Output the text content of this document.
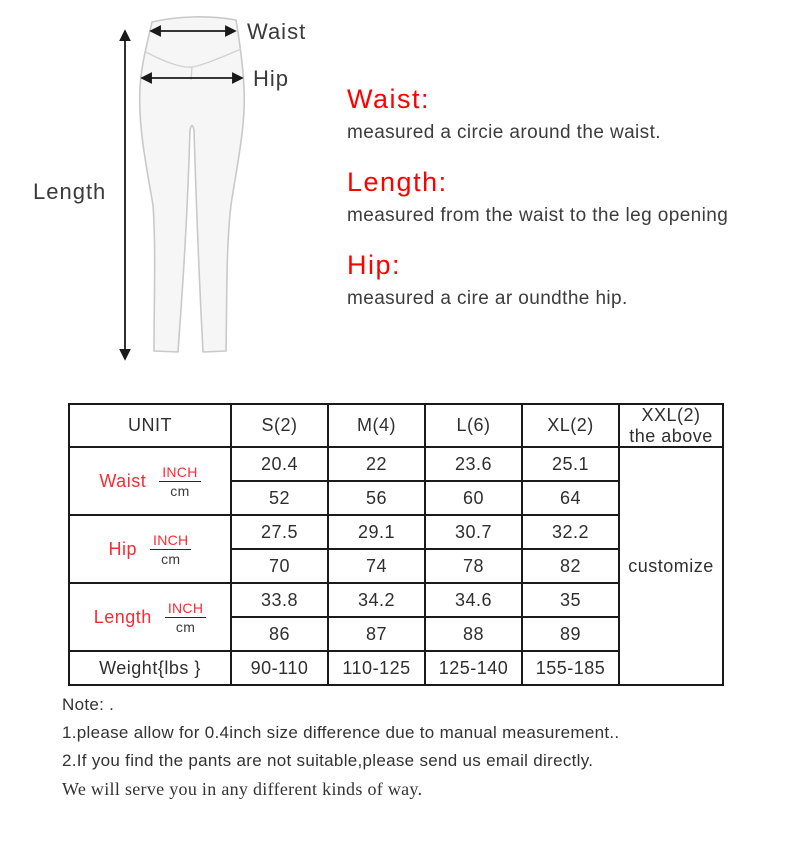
Waist
Hip
Length
Waist:
measured a circie around the waist.
Length:
measured from the waist to the leg opening
Hip:
measured a cire ar oundthe hip.
UNIT	S(2)	M(4)	L(6)	XL(2)	XXL(2)
the above

Waist $\frac{\text{INCH}}{cm}$	20.4	22	23.6	25.1	customize
	52	56	60	64	

Hip $\frac{\text{INCH}}{cm}$	27.5	29.1	30.7	32.2	
	70	74	78	82	

Length $\frac{\text{INCH}}{cm}$	33.8	34.2	34.6	35	
	86	87	88	89	
Weight{lbs }	90-110	110-125	125-140	155-185	
Note: .
1.please allow for 0.4inch size difference due to manual measurement..
2.If you find the pants are not suitable,please send us email directly.
We will serve you in any different kinds of way.
